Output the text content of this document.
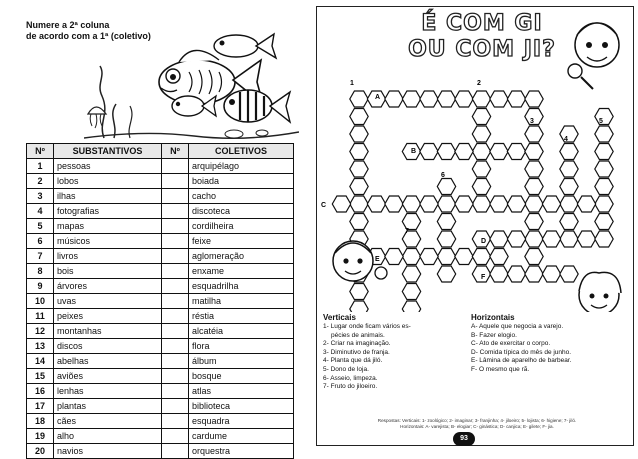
Numere a 2ª coluna
de acordo com a 1ª (coletivo)
Nº	SUBSTANTIVOS	Nº	COLETIVOS
1	pessoas		arquipélago
2	lobos		boiada
3	ilhas		cacho
4	fotografias		discoteca
5	mapas		cordilheira
6	músicos		feixe
7	livros		aglomeração
8	bois		enxame
9	árvores		esquadrilha
10	uvas		matilha
11	peixes		réstia
12	montanhas		alcatéia
13	discos		flora
14	abelhas		álbum
15	aviões		bosque
16	lenhas		atlas
17	plantas		biblioteca
18	cães		esquadra
19	alho		cardume
20	navios		orquestra
É COM GI
OU COM JI?
1	2
3
4
5
6
7
A
B
C
D
E
F
Verticais
1- Lugar onde ficam vários es-
pécies de animais.
2- Criar na imaginação.
3- Diminutivo de franja.
4- Planta que dá jiló.
5- Dono de loja.
6- Asseio, limpeza.
7- Fruto do jiloeiro.
Horizontais
A- Aquele que negocia a varejo.
B- Fazer elogio.
C- Ato de exercitar o corpo.
D- Comida típica do mês de junho.
E- Lâmina de aparelho de barbear.
F- O mesmo que rã.
Respostas: Verticais: 1- zoológico; 2- imaginar; 3- franjinha; 4- jiloeiro; 5- lojista; 6- higiene; 7- jiló.
Horizontais: A- varejista; B- elogiar; C- ginástica; D- canjica; E- gilete; F- jia.
93
